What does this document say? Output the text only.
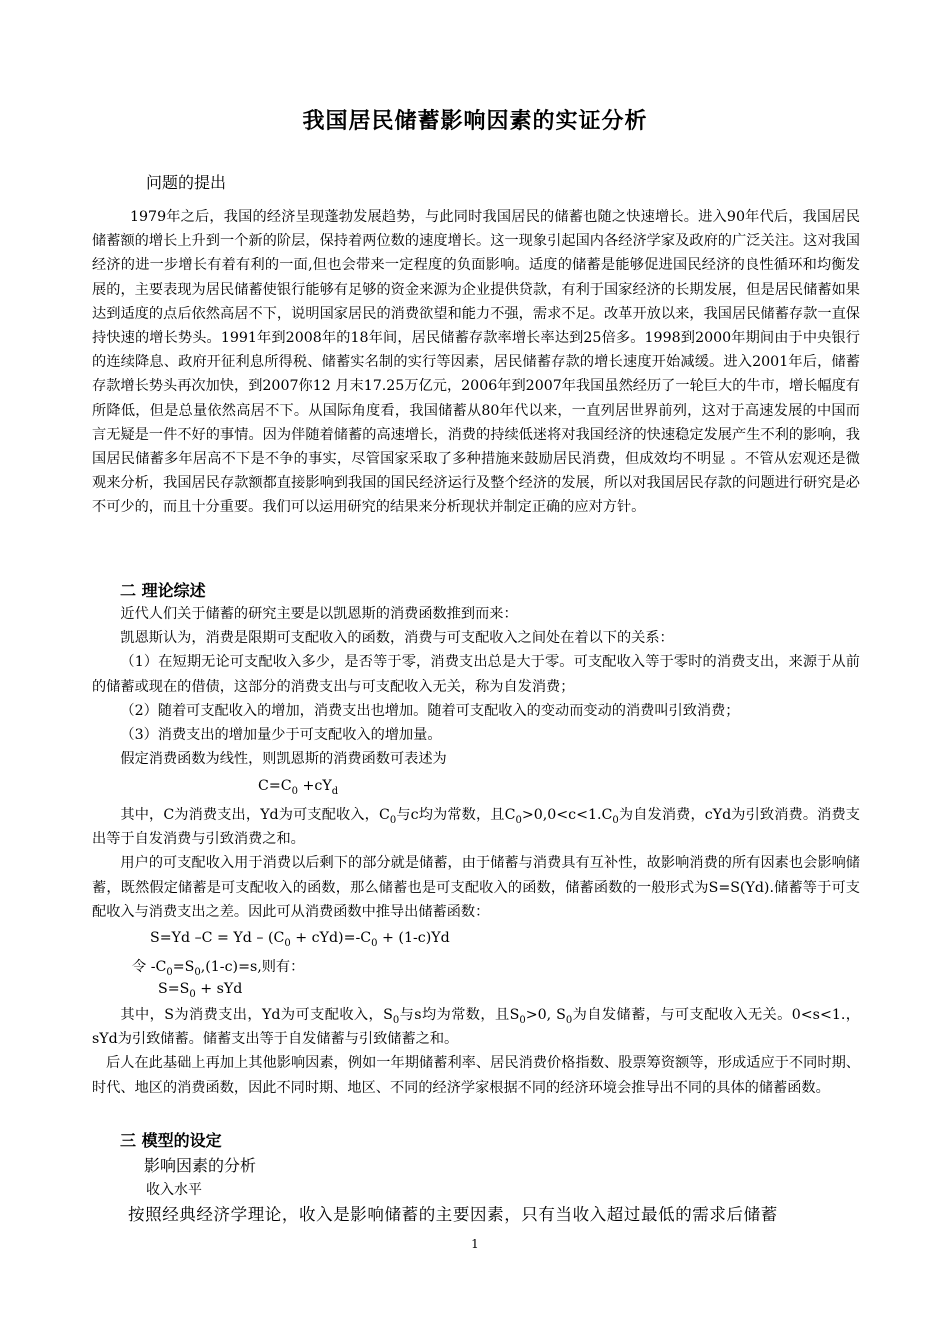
我国居民储蓄影响因素的实证分析
问题的提出

1979年之后，我国的经济呈现蓬勃发展趋势，与此同时我国居民的储蓄也随之快速增长。进入90年代后，我国居民储蓄额的增长上升到一个新的阶层，保持着两位数的速度增长。这一现象引起国内各经济学家及政府的广泛关注。这对我国经济的进一步增长有着有利的一面,但也会带来一定程度的负面影响。适度的储蓄是能够促进国民经济的良性循环和均衡发展的，主要表现为居民储蓄使银行能够有足够的资金来源为企业提供贷款，有利于国家经济的长期发展，但是居民储蓄如果达到适度的点后依然高居不下，说明国家居民的消费欲望和能力不强，需求不足。改革开放以来，我国居民储蓄存款一直保持快速的增长势头。1991年到2008年的18年间，居民储蓄存款率增长率达到25倍多。1998到2000年期间由于中央银行的连续降息、政府开征利息所得税、储蓄实名制的实行等因素，居民储蓄存款的增长速度开始减缓。进入2001年后，储蓄存款增长势头再次加快，到2007你12 月末17.25万亿元，2006年到2007年我国虽然经历了一轮巨大的牛市，增长幅度有所降低，但是总量依然高居不下。从国际角度看，我国储蓄从80年代以来，一直列居世界前列，这对于高速发展的中国而言无疑是一件不好的事情。因为伴随着储蓄的高速增长，消费的持续低迷将对我国经济的快速稳定发展产生不利的影响，我国居民储蓄多年居高不下是不争的事实，尽管国家采取了多种措施来鼓励居民消费，但成效均不明显 。不管从宏观还是微观来分析，我国居民存款额都直接影响到我国的国民经济运行及整个经济的发展，所以对我国居民存款的问题进行研究是必不可少的，而且十分重要。我们可以运用研究的结果来分析现状并制定正确的应对方针。

二 理论综述

近代人们关于储蓄的研究主要是以凯恩斯的消费函数推到而来：

凯恩斯认为，消费是限期可支配收入的函数，消费与可支配收入之间处在着以下的关系：

（1）在短期无论可支配收入多少，是否等于零，消费支出总是大于零。可支配收入等于零时的消费支出，来源于从前的储蓄或现在的借债，这部分的消费支出与可支配收入无关，称为自发消费；

（2）随着可支配收入的增加，消费支出也增加。随着可支配收入的变动而变动的消费叫引致消费；

（3）消费支出的增加量少于可支配收入的增加量。

假定消费函数为线性，则凯恩斯的消费函数可表述为

$C=C_0 +cY_d$

其中，C为消费支出，Yd为可支配收入，$C_0$与c均为常数，且$C_0>0,0<c<1.C_0$为自发消费，cYd为引致消费。消费支出等于自发消费与引致消费之和。

用户的可支配收入用于消费以后剩下的部分就是储蓄，由于储蓄与消费具有互补性，故影响消费的所有因素也会影响储蓄，既然假定储蓄是可支配收入的函数，那么储蓄也是可支配收入的函数，储蓄函数的一般形式为S=S(Yd).储蓄等于可支配收入与消费支出之差。因此可从消费函数中推导出储蓄函数：

S=Yd $-C = Yd - (C_0 + cYd)=-C_0 + (1-c)Yd$
令 $-C_0=S_0,(1-c)=s$,则有：
$S=S_0$ + sYd

其中，S为消费支出，Yd为可支配收入，$S_0$与s均为常数，且$S_0>0$, $S_0$为自发储蓄，与可支配收入无关。0<s<1.，sYd为引致储蓄。储蓄支出等于自发储蓄与引致储蓄之和。

后人在此基础上再加上其他影响因素，例如一年期储蓄利率、居民消费价格指数、股票筹资额等，形成适应于不同时期、时代、地区的消费函数，因此不同时期、地区、不同的经济学家根据不同的经济环境会推导出不同的具体的储蓄函数。

三 模型的设定
影响因素的分析
收入水平
按照经典经济学理论，收入是影响储蓄的主要因素，只有当收入超过最低的需求后储蓄
1
